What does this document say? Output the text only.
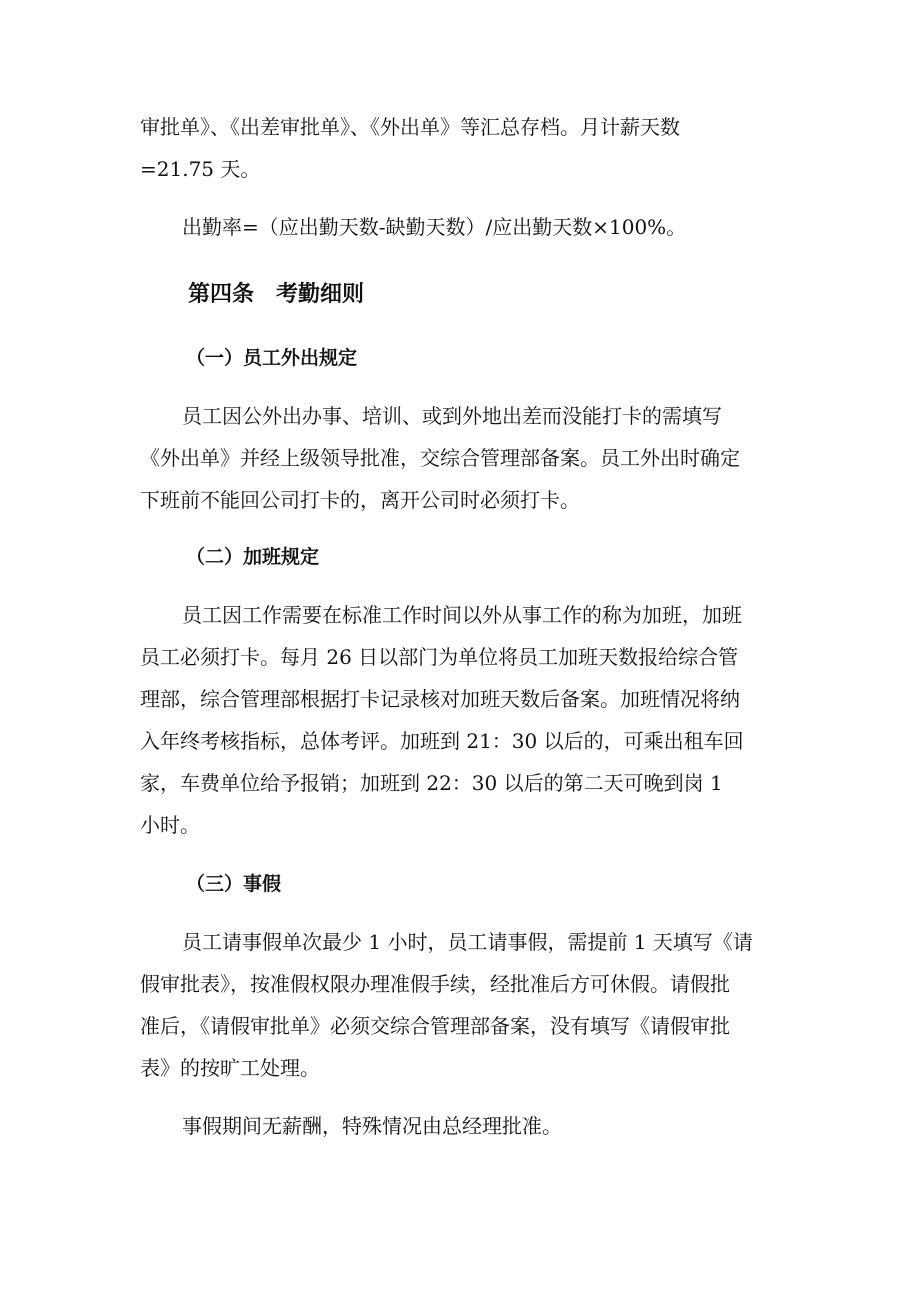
审批单》、《出差审批单》、《外出单》等汇总存档。月计薪天数
=21.75 天。
出勤率=（应出勤天数-缺勤天数）/应出勤天数×100%。
第四条　考勤细则
（一）员工外出规定
员工因公外出办事、培训、或到外地出差而没能打卡的需填写
《外出单》并经上级领导批准，交综合管理部备案。员工外出时确定
下班前不能回公司打卡的，离开公司时必须打卡。
（二）加班规定
员工因工作需要在标准工作时间以外从事工作的称为加班，加班
员工必须打卡。每月 26 日以部门为单位将员工加班天数报给综合管
理部，综合管理部根据打卡记录核对加班天数后备案。加班情况将纳
入年终考核指标，总体考评。加班到 21：30 以后的，可乘出租车回
家，车费单位给予报销；加班到 22：30 以后的第二天可晚到岗 1
小时。
（三）事假
员工请事假单次最少 1 小时，员工请事假，需提前 1 天填写《请
假审批表》，按准假权限办理准假手续，经批准后方可休假。请假批
准后，《请假审批单》必须交综合管理部备案，没有填写《请假审批
表》的按旷工处理。
事假期间无薪酬，特殊情况由总经理批准。
